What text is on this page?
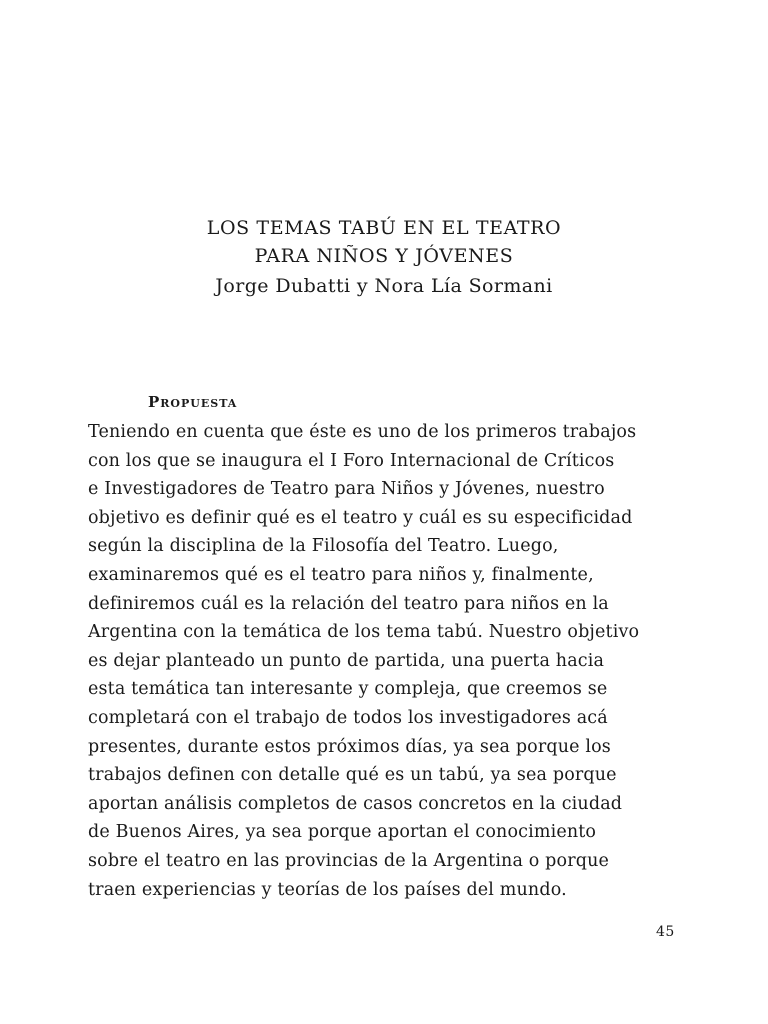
LOS TEMAS TABÚ EN EL TEATRO
PARA NIÑOS Y JÓVENES
Jorge Dubatti y Nora Lía Sormani
Propuesta
Teniendo en cuenta que éste es uno de los primeros trabajos
con los que se inaugura el I Foro Internacional de Críticos
e Investigadores de Teatro para Niños y Jóvenes, nuestro
objetivo es definir qué es el teatro y cuál es su especificidad
según la disciplina de la Filosofía del Teatro. Luego,
examinaremos qué es el teatro para niños y, finalmente,
definiremos cuál es la relación del teatro para niños en la
Argentina con la temática de los tema tabú. Nuestro objetivo
es dejar planteado un punto de partida, una puerta hacia
esta temática tan interesante y compleja, que creemos se
completará con el trabajo de todos los investigadores acá
presentes, durante estos próximos días, ya sea porque los
trabajos definen con detalle qué es un tabú, ya sea porque
aportan análisis completos de casos concretos en la ciudad
de Buenos Aires, ya sea porque aportan el conocimiento
sobre el teatro en las provincias de la Argentina o porque
traen experiencias y teorías de los países del mundo.
45
